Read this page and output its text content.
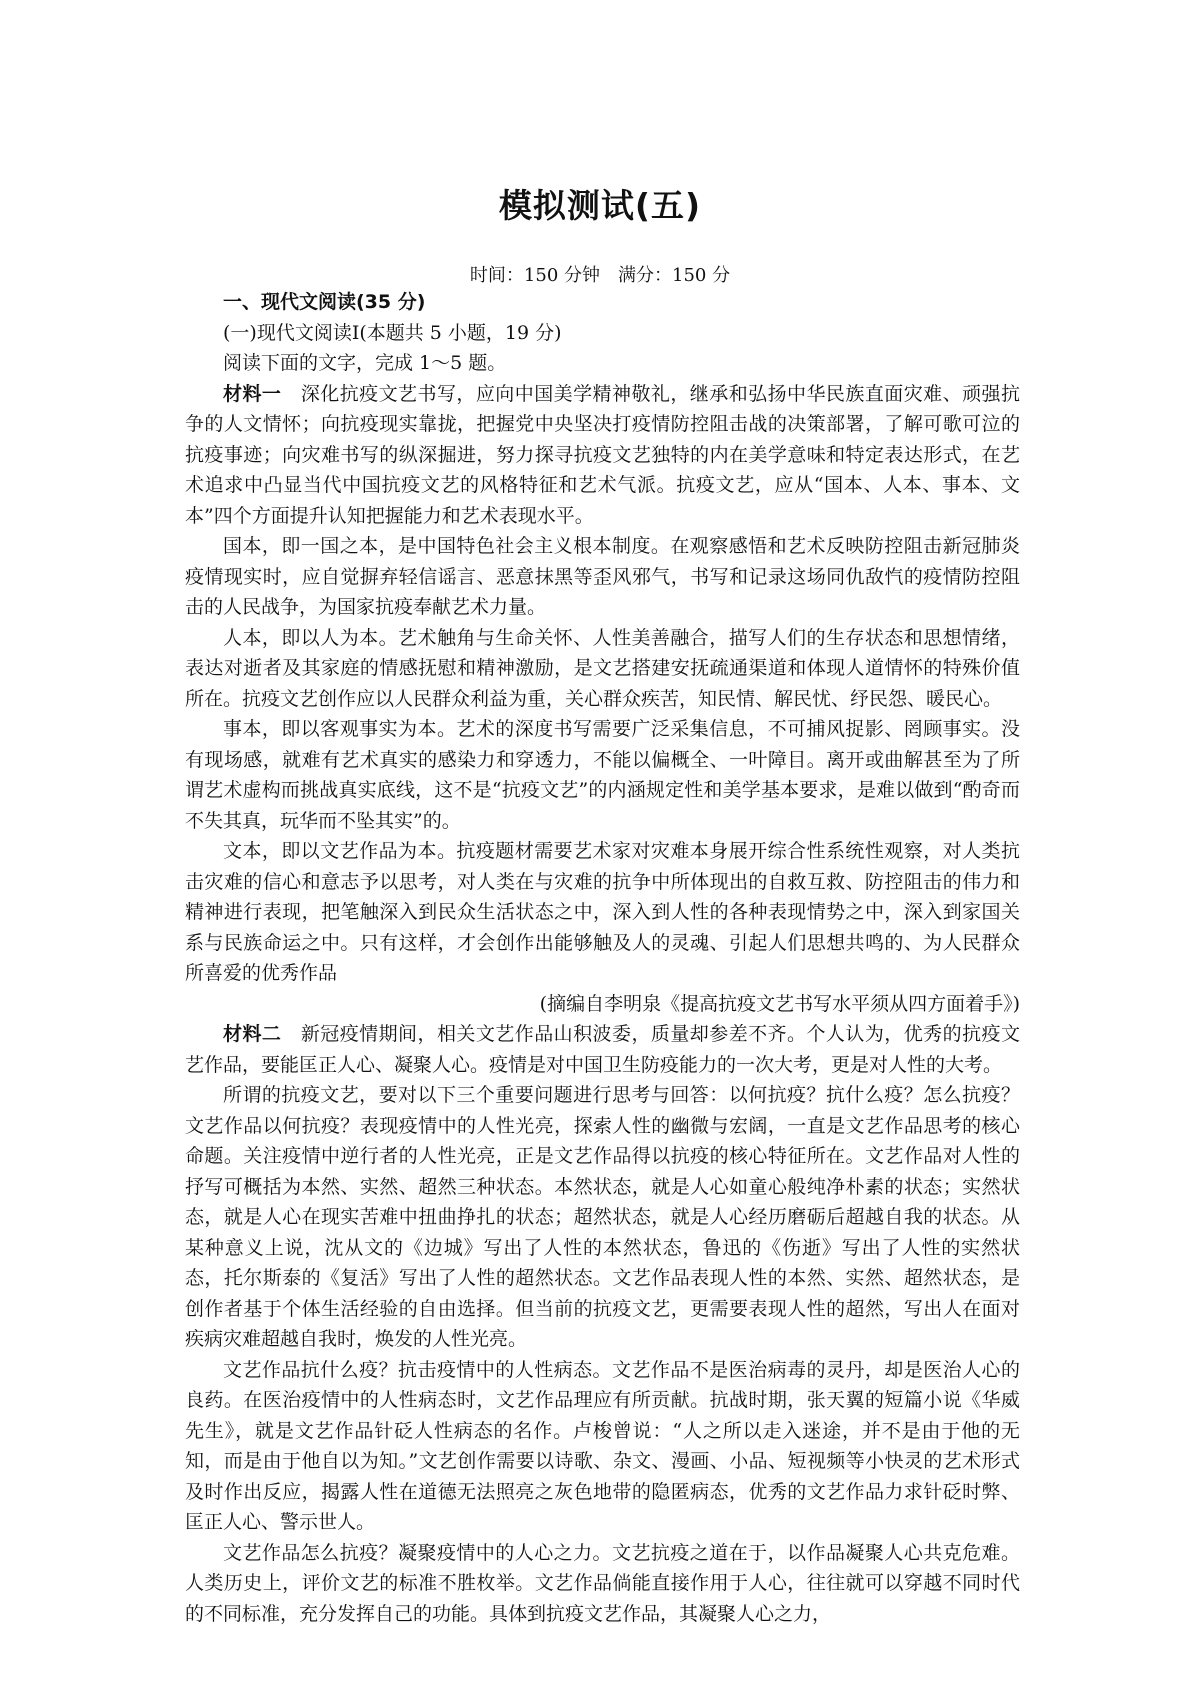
模拟测试(五)
时间：150 分钟　满分：150 分

一、现代文阅读(35 分)

(一)现代文阅读Ⅰ(本题共 5 小题，19 分)

阅读下面的文字，完成 1～5 题。

材料一　 深化抗疫文艺书写，应向中国美学精神敬礼，继承和弘扬中华民族直面灾难、顽强抗争的人文情怀；向抗疫现实靠拢，把握党中央坚决打疫情防控阻击战的决策部署，了解可歌可泣的抗疫事迹；向灾难书写的纵深掘进，努力探寻抗疫文艺独特的内在美学意味和特定表达形式，在艺术追求中凸显当代中国抗疫文艺的风格特征和艺术气派。抗疫文艺，应从“国本、人本、事本、文本”四个方面提升认知把握能力和艺术表现水平。

国本，即一国之本，是中国特色社会主义根本制度。在观察感悟和艺术反映防控阻击新冠肺炎疫情现实时，应自觉摒弃轻信谣言、恶意抹黑等歪风邪气，书写和记录这场同仇敌忾的疫情防控阻击的人民战争，为国家抗疫奉献艺术力量。

人本，即以人为本。艺术触角与生命关怀、人性美善融合，描写人们的生存状态和思想情绪，表达对逝者及其家庭的情感抚慰和精神激励，是文艺搭建安抚疏通渠道和体现人道情怀的特殊价值所在。抗疫文艺创作应以人民群众利益为重，关心群众疾苦，知民情、解民忧、纾民怨、暖民心。

事本，即以客观事实为本。艺术的深度书写需要广泛采集信息，不可捕风捉影、罔顾事实。没有现场感，就难有艺术真实的感染力和穿透力，不能以偏概全、一叶障目。离开或曲解甚至为了所谓艺术虚构而挑战真实底线，这不是“抗疫文艺”的内涵规定性和美学基本要求，是难以做到“酌奇而不失其真，玩华而不坠其实”的。

文本，即以文艺作品为本。抗疫题材需要艺术家对灾难本身展开综合性系统性观察，对人类抗击灾难的信心和意志予以思考，对人类在与灾难的抗争中所体现出的自救互救、防控阻击的伟力和精神进行表现，把笔触深入到民众生活状态之中，深入到人性的各种表现情势之中，深入到家国关系与民族命运之中。只有这样，才会创作出能够触及人的灵魂、引起人们思想共鸣的、为人民群众所喜爱的优秀作品

(摘编自李明泉《提高抗疫文艺书写水平须从四方面着手》)

材料二　 新冠疫情期间，相关文艺作品山积波委，质量却参差不齐。个人认为，优秀的抗疫文艺作品，要能匡正人心、凝聚人心。疫情是对中国卫生防疫能力的一次大考，更是对人性的大考。

所谓的抗疫文艺，要对以下三个重要问题进行思考与回答：以何抗疫？抗什么疫？怎么抗疫？文艺作品以何抗疫？表现疫情中的人性光亮，探索人性的幽微与宏阔，一直是文艺作品思考的核心命题。关注疫情中逆行者的人性光亮，正是文艺作品得以抗疫的核心特征所在。文艺作品对人性的抒写可概括为本然、实然、超然三种状态。本然状态，就是人心如童心般纯净朴素的状态；实然状态，就是人心在现实苦难中扭曲挣扎的状态；超然状态，就是人心经历磨砺后超越自我的状态。从某种意义上说，沈从文的《边城》写出了人性的本然状态，鲁迅的《伤逝》写出了人性的实然状态，托尔斯泰的《复活》写出了人性的超然状态。文艺作品表现人性的本然、实然、超然状态，是创作者基于个体生活经验的自由选择。但当前的抗疫文艺，更需要表现人性的超然，写出人在面对疾病灾难超越自我时，焕发的人性光亮。

文艺作品抗什么疫？抗击疫情中的人性病态。文艺作品不是医治病毒的灵丹，却是医治人心的良药。在医治疫情中的人性病态时，文艺作品理应有所贡献。抗战时期，张天翼的短篇小说《华威先生》，就是文艺作品针砭人性病态的名作。卢梭曾说：“人之所以走入迷途，并不是由于他的无知，而是由于他自以为知。”文艺创作需要以诗歌、杂文、漫画、小品、短视频等小快灵的艺术形式及时作出反应，揭露人性在道德无法照亮之灰色地带的隐匿病态，优秀的文艺作品力求针砭时弊、匡正人心、警示世人。

文艺作品怎么抗疫？凝聚疫情中的人心之力。文艺抗疫之道在于，以作品凝聚人心共克危难。人类历史上，评价文艺的标准不胜枚举。文艺作品倘能直接作用于人心，往往就可以穿越不同时代的不同标准，充分发挥自己的功能。具体到抗疫文艺作品，其凝聚人心之力，
